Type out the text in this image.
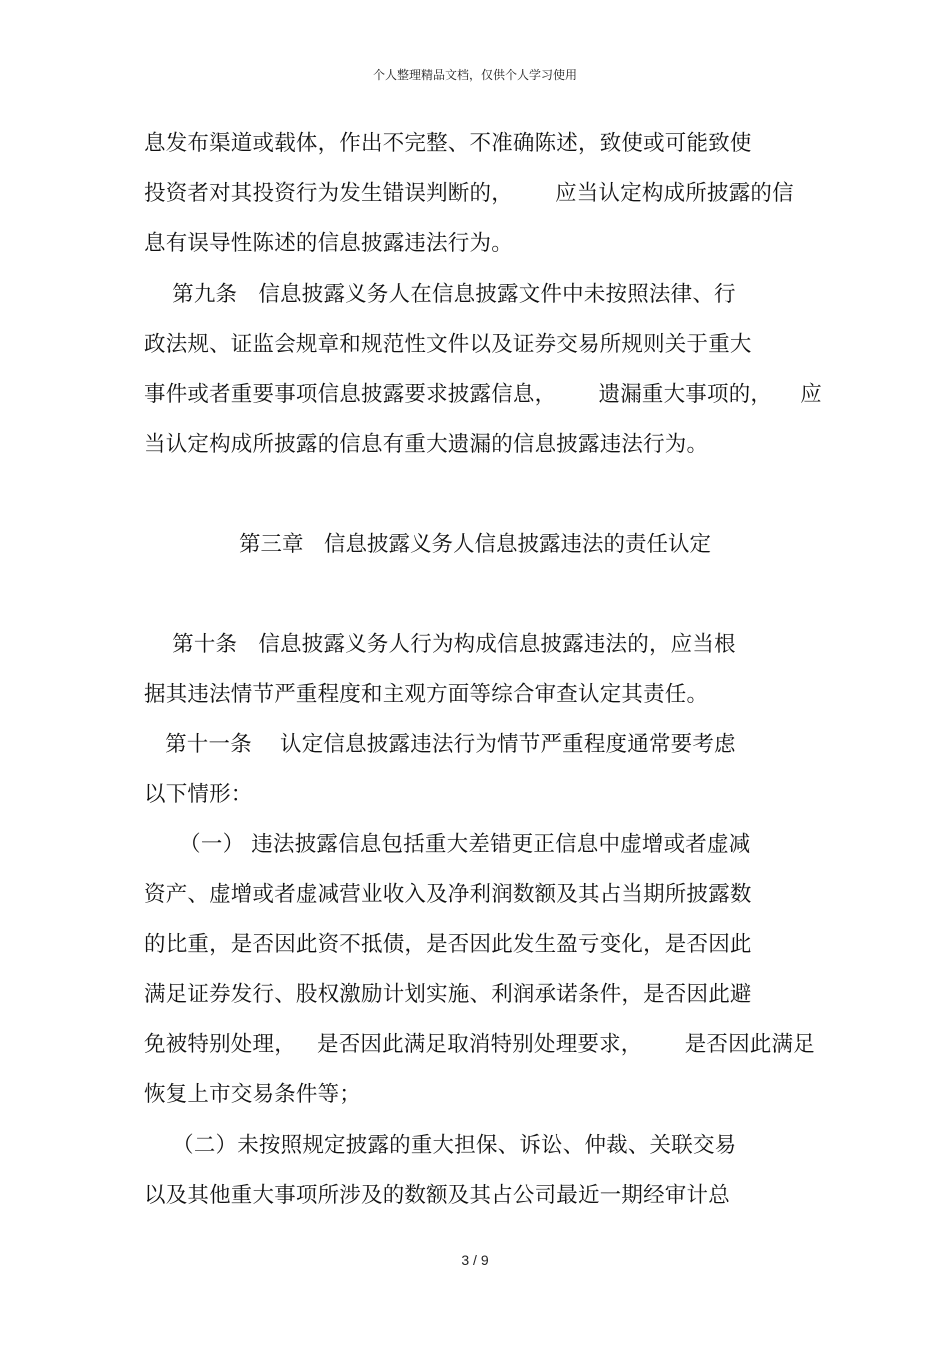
个人整理精品文档，仅供个人学习使用
息发布渠道或载体，作出不完整、不准确陈述，致使或可能致使
投资者对其投资行为发生错误判断的，      应当认定构成所披露的信
息有误导性陈述的信息披露违法行为。
第九条   信息披露义务人在信息披露文件中未按照法律、行
政法规、证监会规章和规范性文件以及证券交易所规则关于重大
事件或者重要事项信息披露要求披露信息，      遗漏重大事项的，    应
当认定构成所披露的信息有重大遗漏的信息披露违法行为。
第三章   信息披露义务人信息披露违法的责任认定
第十条   信息披露义务人行为构成信息披露违法的，应当根
据其违法情节严重程度和主观方面等综合审查认定其责任。
第十一条    认定信息披露违法行为情节严重程度通常要考虑
以下情形：
（一） 违法披露信息包括重大差错更正信息中虚增或者虚减
资产、虚增或者虚减营业收入及净利润数额及其占当期所披露数
的比重，是否因此资不抵债，是否因此发生盈亏变化，是否因此
满足证券发行、股权激励计划实施、利润承诺条件，是否因此避
免被特别处理，   是否因此满足取消特别处理要求，      是否因此满足
恢复上市交易条件等；
（二）未按照规定披露的重大担保、诉讼、仲裁、关联交易
以及其他重大事项所涉及的数额及其占公司最近一期经审计总
3 / 9
